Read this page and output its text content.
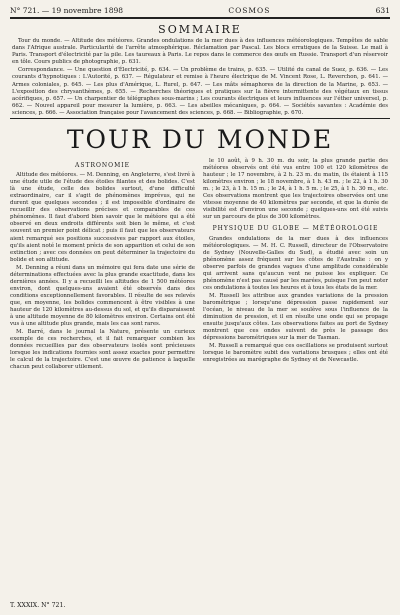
N° 721. — 19 novembre 1898	COSMOS	631
SOMMAIRE

Tour du monde. — Altitude des météores. Grandes ondulations de la mer dues à des influences météorologiques. Tempêtes de sable dans l'Afrique australe. Particularité de l'arrête atmosphérique. Réclamation par Pascal. Les blocs erratiques de la Suisse. Le mail à Paris. Transport d'électricité par la pile. Les taureaux à Paris. Le repos dans le commerce des œufs en Russie. Transport d'un réservoir en tôle. Cours publics de photographie, p. 631.

Correspondance. — Une question d'Électricité, p. 634. — Un problème de trains, p. 635. — Utilité du canal de Suez, p. 636. — Les courants d'hypnotiques : L'Autorité, p. 637. — Régulateur et remise à l'heure électrique de M. Vincent Rose, L. Reverchon, p. 641. — Armes coloniales, p. 645. — Les plus d'Amérique, L. Rurel, p. 647. — Les mâts sémaphores de la direction de la Marine, p. 653. — L'exposition des chrysanthèmes, p. 655. — Recherches théoriques et pratiques sur la fièvre intermittente des végétaux en tissus acérifiques, p. 657. — Un charpentier de télégraphes sous-marins ; Les courants électriques et leurs influences sur l'éther universel, p. 662. — Nouvel appareil pour mesurer la lumière, p. 663. — Les abeilles mécaniques, p. 664. — Sociétés savantes : Académie des sciences, p. 666. — Association française pour l'avancement des sciences, p. 668. — Bibliographie, p. 670.

TOUR DU MONDE
ASTRONOMIE

Altitude des météores. — M. Denning, en Angleterre, s'est livré à une étude utile de l'étude des étoiles filantes et des bolides. C'est là une étude, celle des bolides surtout, d'une difficulté extraordinaire, car il s'agit de phénomènes imprévus, qui ne durent que quelques secondes ; il est impossible d'ordinaire de recueillir des observations précises et comparables de ces phénomènes. Il faut d'abord bien savoir que le météore qui a été observé en deux endroits différents soit bien le même, et c'est souvent un premier point délicat ; puis il faut que les observateurs aient remarqué ses positions successives par rapport aux étoiles, qu'ils aient noté le moment précis de son apparition et celui de son extinction ; avec ces données on peut déterminer la trajectoire du bolide et son altitude.

M. Denning a réuni dans un mémoire qui fera date une série de déterminations effectuées avec la plus grande exactitude, dans les dernières années. Il y a recueilli les altitudes de 1 500 météores environ, dont quelques-uns avaient été observés dans des conditions exceptionnellement favorables. Il résulte de ses relevés que, en moyenne, les bolides commencent à être visibles à une hauteur de 120 kilomètres au-dessus du sol, et qu'ils disparaissent à une altitude moyenne de 80 kilomètres environ. Certains ont été vus à une altitude plus grande, mais les cas sont rares.

M. Barré, dans le journal la Nature, présente un curieux exemple de ces recherches, et il fait remarquer combien les données recueillies par des observateurs isolés sont précieuses lorsque les indications fournies sont assez exactes pour permettre le calcul de la trajectoire. C'est une œuvre de patience à laquelle chacun peut collaborer utilement.

le 10 août, à 9 h. 30 m. du soir, la plus grande partie des météores observés ont été vus entre 100 et 120 kilomètres de hauteur ; le 17 novembre, à 2 h. 23 m. du matin, ils étaient à 115 kilomètres environ ; le 18 novembre, à 1 h. 43 m. ; le 22, à 1 h. 30 m. ; le 23, à 1 h. 15 m. ; le 24, à 1 h. 5 m. ; le 25, à 1 h. 30 m., etc. Ces observations montrent que les trajectoires observées ont une vitesse moyenne de 40 kilomètres par seconde, et que la durée de visibilité est d'environ une seconde ; quelques-uns ont été suivis sur un parcours de plus de 300 kilomètres.

PHYSIQUE DU GLOBE — MÉTÉOROLOGIE

Grandes ondulations de la mer dues à des influences météorologiques. — M. H. C. Russell, directeur de l'Observatoire de Sydney (Nouvelle-Galles du Sud), a étudié avec soin un phénomène assez fréquent sur les côtes de l'Australie : on y observe parfois de grandes vagues d'une amplitude considérable qui arrivent sans qu'aucun vent ne puisse les expliquer. Ce phénomène n'est pas causé par les marées, puisque l'on peut noter ces ondulations à toutes les heures et à tous les états de la mer.

M. Russell les attribue aux grandes variations de la pression barométrique ; lorsqu'une dépression passe rapidement sur l'océan, le niveau de la mer se soulève sous l'influence de la diminution de pression, et il en résulte une onde qui se propage ensuite jusqu'aux côtes. Les observations faites au port de Sydney montrent que ces ondes suivent de près le passage des dépressions barométriques sur la mer de Tasman.

M. Russell a remarqué que ces oscillations se produisent surtout lorsque le baromètre subit des variations brusques ; elles ont été enregistrées au marégraphe de Sydney et de Newcastle.

T. XXXIX. N° 721.
